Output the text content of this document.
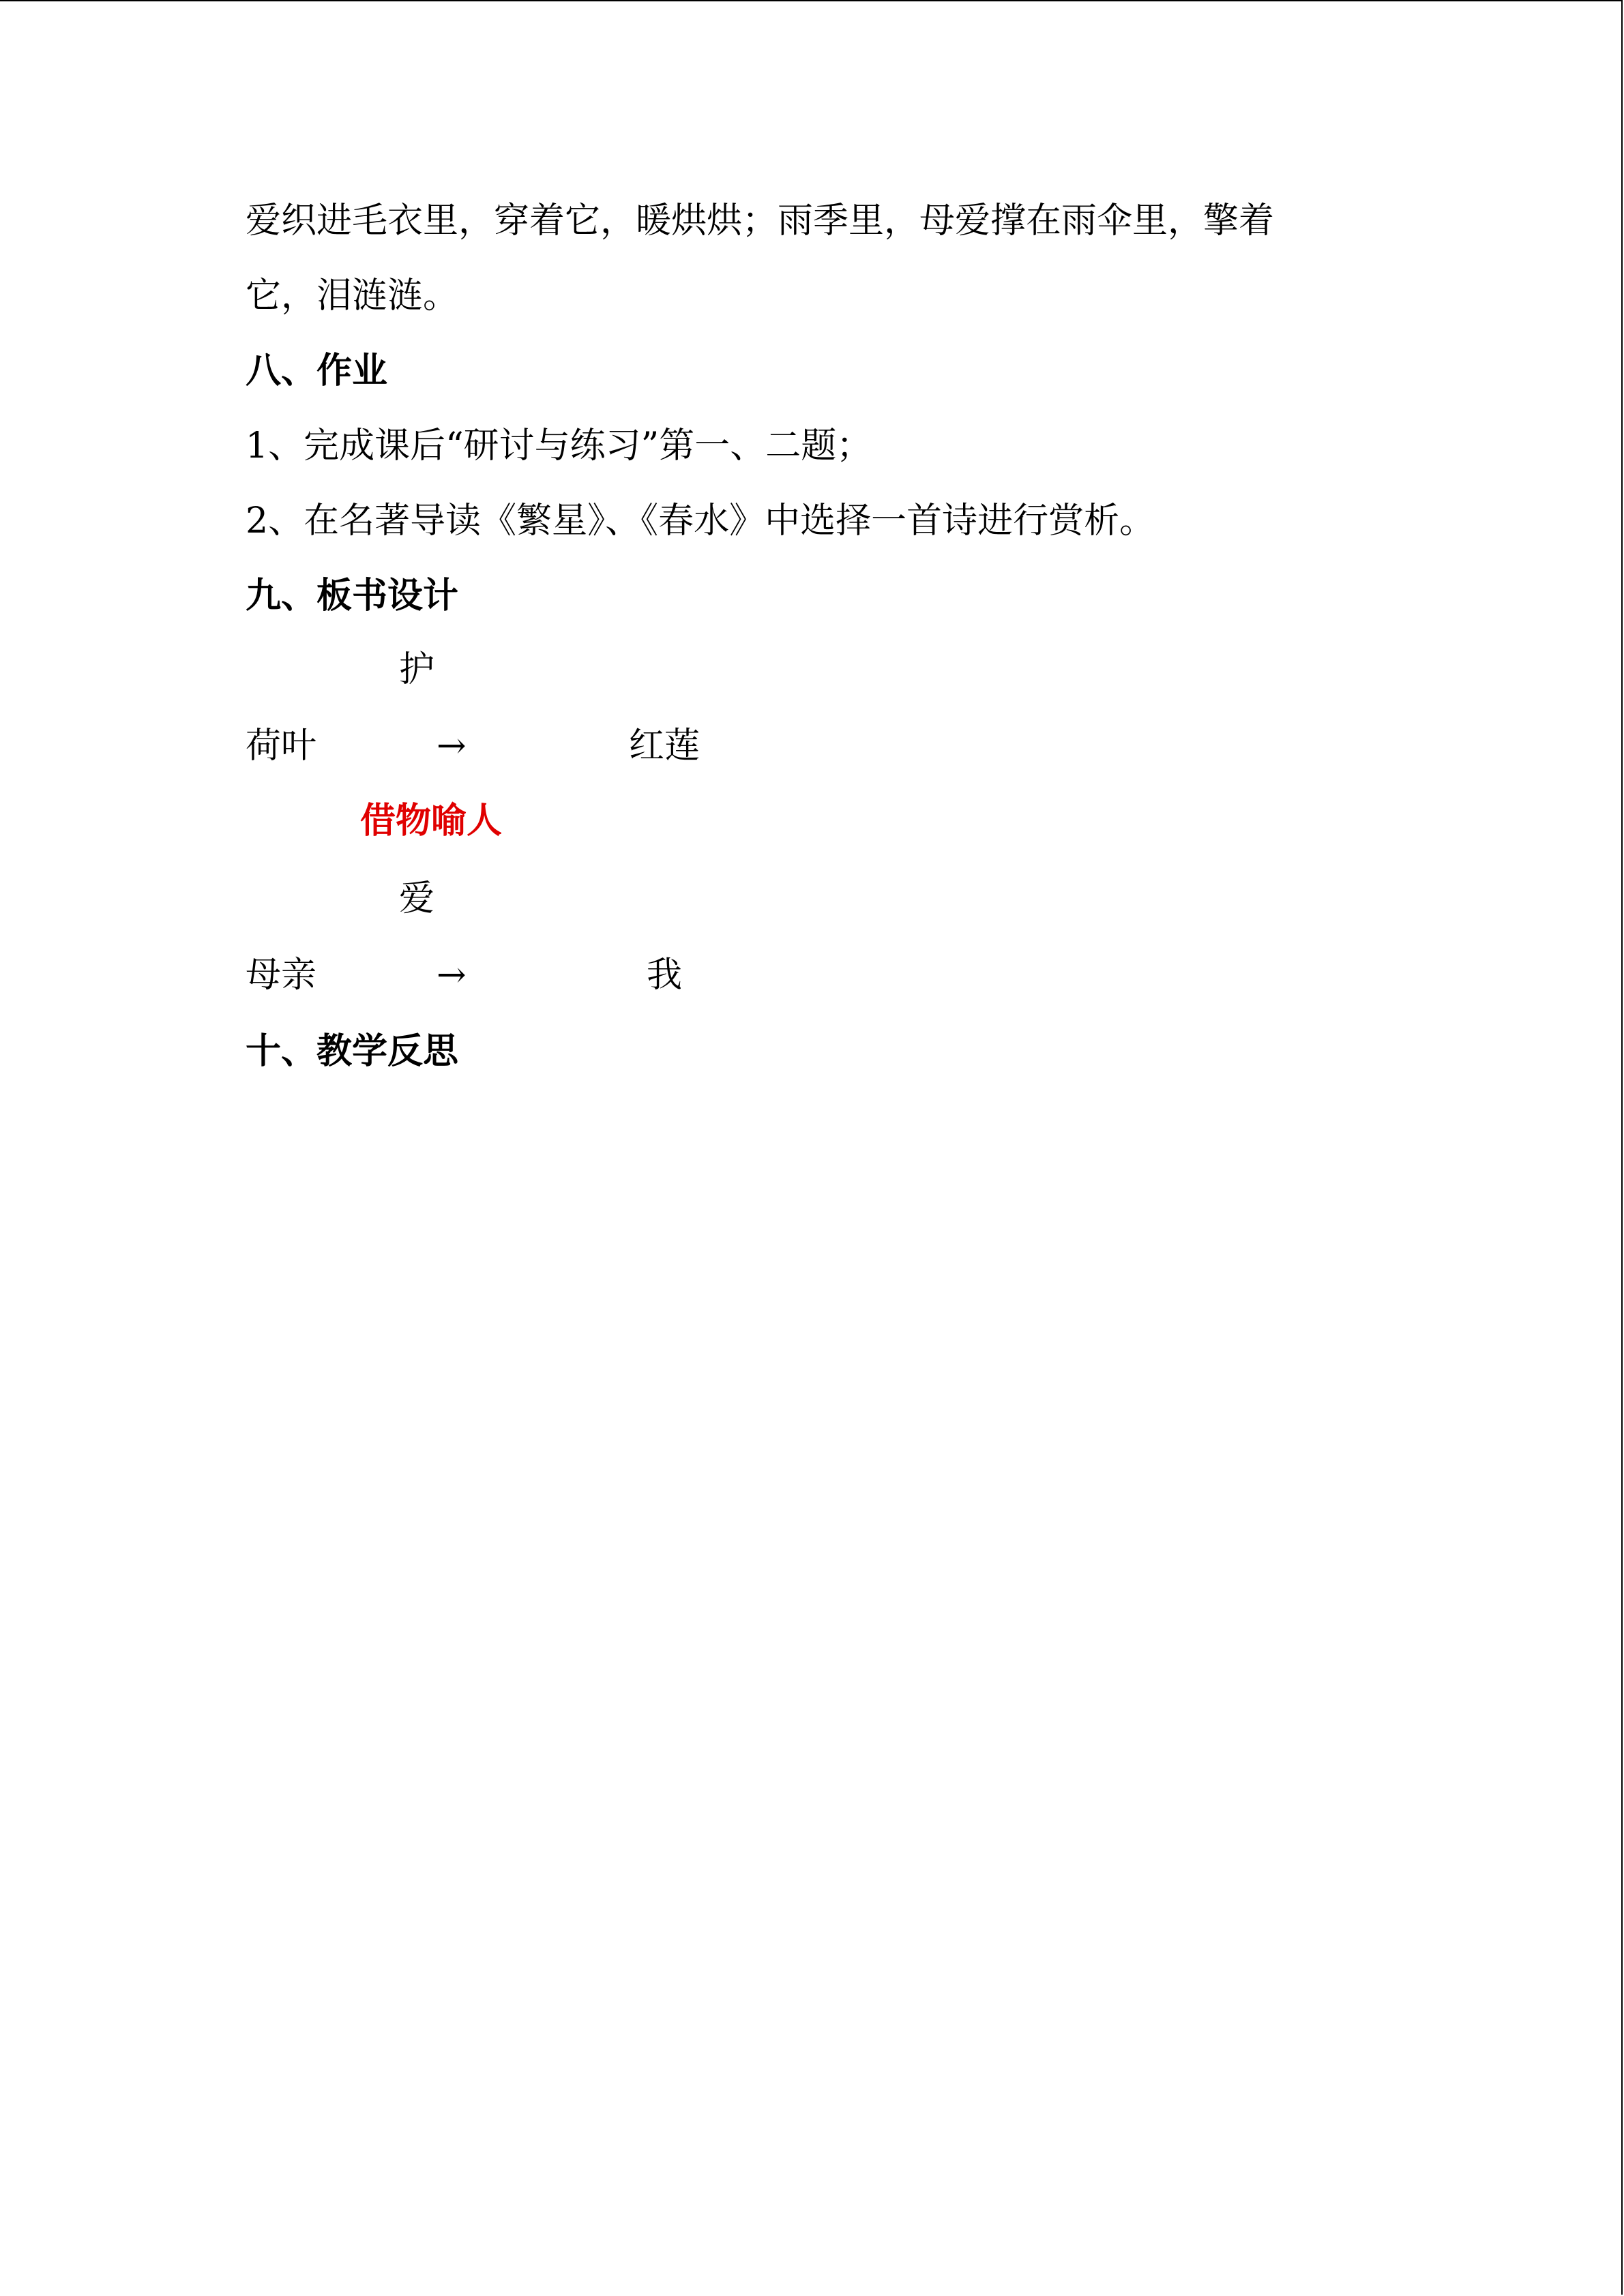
爱织进毛衣里，穿着它，暖烘烘；雨季里，母爱撑在雨伞里，擎着
它，泪涟涟。
八、作业
1、完成课后“研讨与练习”第一、二题；
2、在名著导读《繁星》、《春水》中选择一首诗进行赏析。
九、板书设计
护
荷叶	→	红莲
借物喻人
爱
母亲	→	我
十、教学反思
